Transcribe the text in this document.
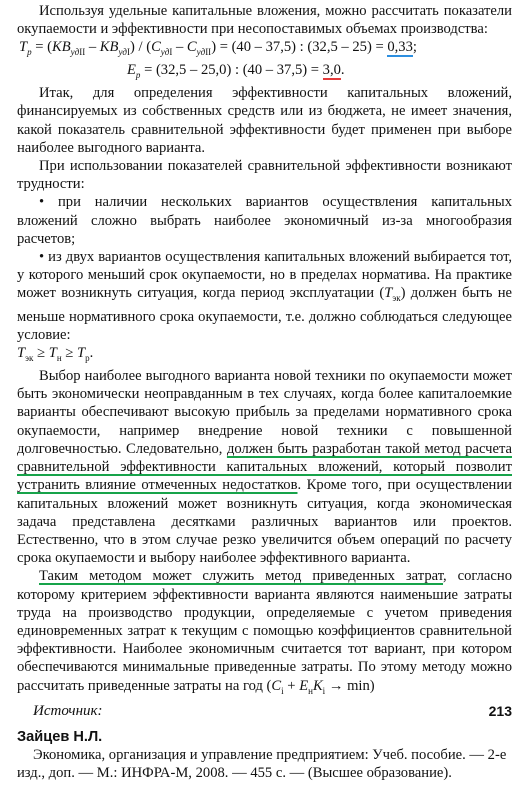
Используя удельные капитальные вложения, можно рассчитать показатели окупаемости и эффективности при несопоставимых объемах производства:

$T_p = (KB_{удII} - KB_{удI}) / (C_{удI} - C_{удII}) = (40 - 37,5)$ : (32,5 – 25) = 0,33;

$E_p = (32,5 - 25,0)$ : (40 – 37,5) = 3,0.

Итак, для определения эффективности капитальных вложений, финансируемых из собственных средств или из бюджета, не имеет значения, какой показатель сравнительной эффективности будет применен при выборе наиболее выгодного варианта.

При использовании показателей сравнительной эффективности возникают трудности:

• при наличии нескольких вариантов осуществления капитальных вложений сложно выбрать наиболее экономичный из-за многообразия расчетов;

• из двух вариантов осуществления капитальных вложений выбирается тот, у которого меньший срок окупаемости, но в пределах норматива. На практике может возникнуть ситуация, когда период эксплуатации $(T_{эк})$ должен быть не меньше нормативного срока окупаемости, т.е. должно соблюдаться следующее условие:

$T_{эк} \ge T_н \ge T_р$.

Выбор наиболее выгодного варианта новой техники по окупаемости может быть экономически неоправданным в тех случаях, когда более капиталоемкие варианты обеспечивают высокую прибыль за пределами нормативного срока окупаемости, например внедрение новой техники с повышенной долговечностью. Следовательно, должен быть разработан такой метод расчета сравнительной эффективности капитальных вложений, который позволит устранить влияние отмеченных недостатков. Кроме того, при осуществлении капитальных вложений может возникнуть ситуация, когда экономическая задача представлена десятками различных вариантов или проектов. Естественно, что в этом случае резко увеличится объем операций по расчету срока окупаемости и выбору наиболее эффективного варианта.

Таким методом может служить метод приведенных затрат, согласно которому критерием эффективности варианта являются наименьшие затраты труда на производство продукции, определяемые с учетом приведения единовременных затрат к текущим с помощью коэффициентов сравнительной эффективности. Наиболее экономичным считается тот вариант, при котором обеспечиваются минимальные приведенные затраты. По этому методу можно рассчитать приведенные затраты на год $(C_i + E_нK_i \to \min)$

Источник:	213
Зайцев Н.Л.
Экономика, организация и управление предприятием: Учеб. пособие. — 2-е изд., доп. — М.: ИНФРА-М, 2008. — 455 с. — (Высшее образование).
